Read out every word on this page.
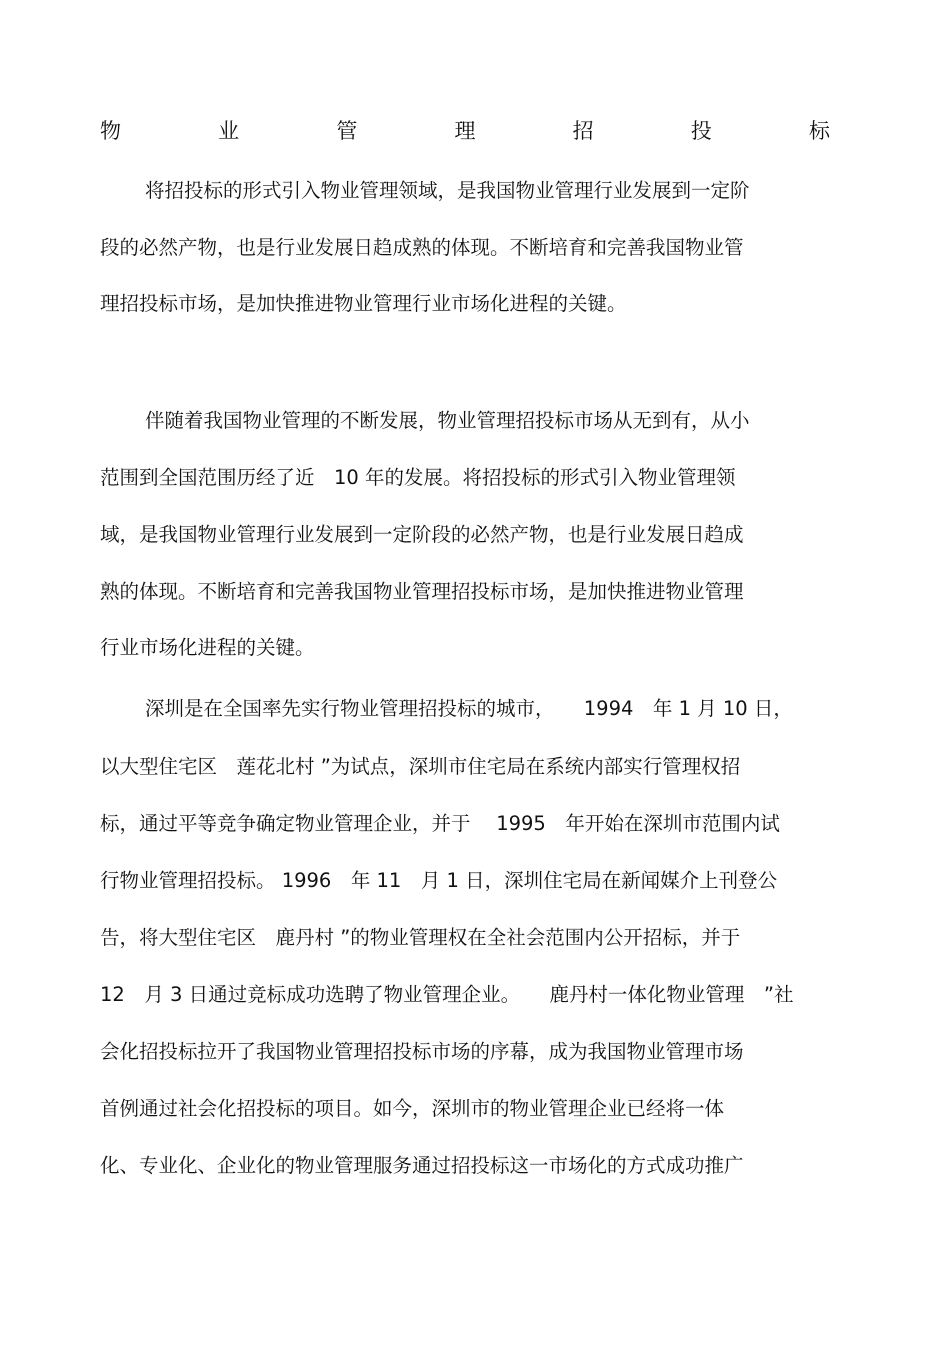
物	业	管	理	招	投	标
将招投标的形式引入物业管理领域，是我国物业管理行业发展到一定阶
段的必然产物，也是行业发展日趋成熟的体现。不断培育和完善我国物业管
理招投标市场，是加快推进物业管理行业市场化进程的关键。
伴随着我国物业管理的不断发展，物业管理招投标市场从无到有，从小
范围到全国范围历经了近　10 年的发展。将招投标的形式引入物业管理领
域，是我国物业管理行业发展到一定阶段的必然产物，也是行业发展日趋成
熟的体现。不断培育和完善我国物业管理招投标市场，是加快推进物业管理
行业市场化进程的关键。
深圳是在全国率先实行物业管理招投标的城市，　　1994　年 1 月 10 日，
以大型住宅区　莲花北村 ”为试点，深圳市住宅局在系统内部实行管理权招
标，通过平等竞争确定物业管理企业，并于　 1995　年开始在深圳市范围内试
行物业管理招投标。 1996　年 11　月 1 日，深圳住宅局在新闻媒介上刊登公
告，将大型住宅区　鹿丹村 ”的物业管理权在全社会范围内公开招标，并于
12　月 3 日通过竞标成功选聘了物业管理企业。　　鹿丹村一体化物业管理　”社
会化招投标拉开了我国物业管理招投标市场的序幕，成为我国物业管理市场
首例通过社会化招投标的项目。如今，深圳市的物业管理企业已经将一体
化、专业化、企业化的物业管理服务通过招投标这一市场化的方式成功推广
